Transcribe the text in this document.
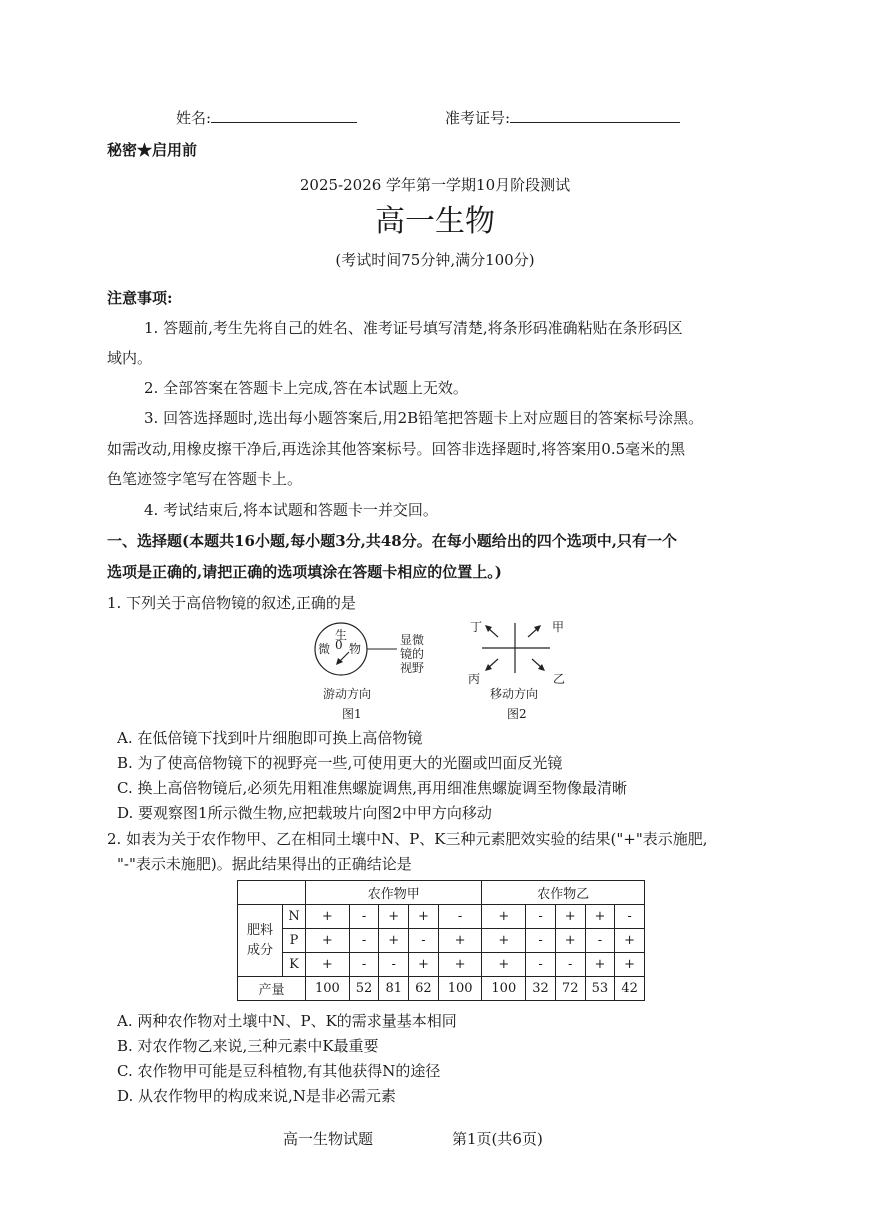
姓名:	准考证号:
秘密★启用前
2025-2026 学年第一学期10月阶段测试
高一生物
(考试时间75分钟,满分100分)
注意事项:
1. 答题前,考生先将自己的姓名、准考证号填写清楚,将条形码准确粘贴在条形码区
域内。
2. 全部答案在答题卡上完成,答在本试题上无效。
3. 回答选择题时,选出每小题答案后,用2B铅笔把答题卡上对应题目的答案标号涂黑。
如需改动,用橡皮擦干净后,再选涂其他答案标号。回答非选择题时,将答案用0.5毫米的黑
色笔迹签字笔写在答题卡上。
4. 考试结束后,将本试题和答题卡一并交回。
一、选择题(本题共16小题,每小题3分,共48分。在每小题给出的四个选项中,只有一个
选项是正确的,请把正确的选项填涂在答题卡相应的位置上。)
1. 下列关于高倍物镜的叙述,正确的是
生
微 物
0	显微
镜的
视野
游动方向
图1
丁	甲
丙	乙
移动方向
图2
A. 在低倍镜下找到叶片细胞即可换上高倍物镜
B. 为了使高倍物镜下的视野亮一些,可使用更大的光圈或凹面反光镜
C. 换上高倍物镜后,必须先用粗准焦螺旋调焦,再用细准焦螺旋调至物像最清晰
D. 要观察图1所示微生物,应把载玻片向图2中甲方向移动
2. 如表为关于农作物甲、乙在相同土壤中N、P、K三种元素肥效实验的结果("+"表示施肥,
"-"表示未施肥)。据此结果得出的正确结论是
		农作物甲					农作物乙				
肥料
成分	N	+	-	+	+	-	+	-	+	+	-
	P	+	-	+	-	+	+	-	+	-	+
	K	+	-	-	+	+	+	-	-	+	+
产量		100	52	81	62	100	100	32	72	53	42
A. 两种农作物对土壤中N、P、K的需求量基本相同
B. 对农作物乙来说,三种元素中K最重要
C. 农作物甲可能是豆科植物,有其他获得N的途径
D. 从农作物甲的构成来说,N是非必需元素
高一生物试题	第1页(共6页)
